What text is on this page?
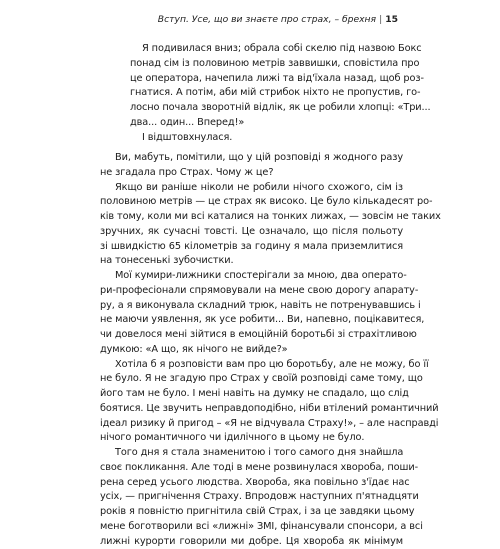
Вступ. Усе, що ви знаєте про страх, – брехня | 15
Я подивилася вниз; обрала собі скелю під назвою Бокс
понад сім із половиною метрів заввишки, сповістила про
це оператора, начепила лижі та від'їхала назад, щоб роз-
гнатися. А потім, аби мій стрибок ніхто не пропустив, го-
лосно почала зворотній відлік, як це робили хлопці: «Три...
два... один... Вперед!»
І відштовхнулася.
Ви, мабуть, помітили, що у цій розповіді я жодного разу
не згадала про Страх. Чому ж це?
Якщо ви раніше ніколи не робили нічого схожого, сім із
половиною метрів — це страх як високо. Це було кількадесят ро-
ків тому, коли ми всі каталися на тонких лижах, — зовсім не таких
зручних, як сучасні товсті. Це означало, що після польоту
зі швидкістю 65 кілометрів за годину я мала приземлитися
на тонесенькі зубочистки.
Мої кумири-лижники спостерігали за мною, два операто-
ри-професіонали спрямовували на мене свою дорогу апарату-
ру, а я виконувала складний трюк, навіть не потренувавшись і
не маючи уявлення, як усе робити... Ви, напевно, поцікавитеся,
чи довелося мені зійтися в емоційній боротьбі зі страхітливою
думкою: «А що, як нічого не вийде?»
Хотіла б я розповісти вам про цю боротьбу, але не можу, бо її
не було. Я не згадую про Страх у своїй розповіді саме тому, що
його там не було. І мені навіть на думку не спадало, що слід
боятися. Це звучить неправдоподібно, ніби втілений романтичний
ідеал ризику й пригод – «Я не відчувала Страху!», – але насправді
нічого романтичного чи ідилічного в цьому не було.
Того дня я стала знаменитою і того самого дня знайшла
своє покликання. Але тоді в мене розвинулася хвороба, поши-
рена серед усього людства. Хвороба, яка повільно з'їдає нас
усіх, — пригнічення Страху. Впродовж наступних п'ятнадцяти
років я повністю пригнітила свій Страх, і за це завдяки цьому
мене боготворили всі «лижні» ЗМІ, фінансували спонсори, а всі
лижні курорти говорили ми добре. Ця хвороба як мінімум
